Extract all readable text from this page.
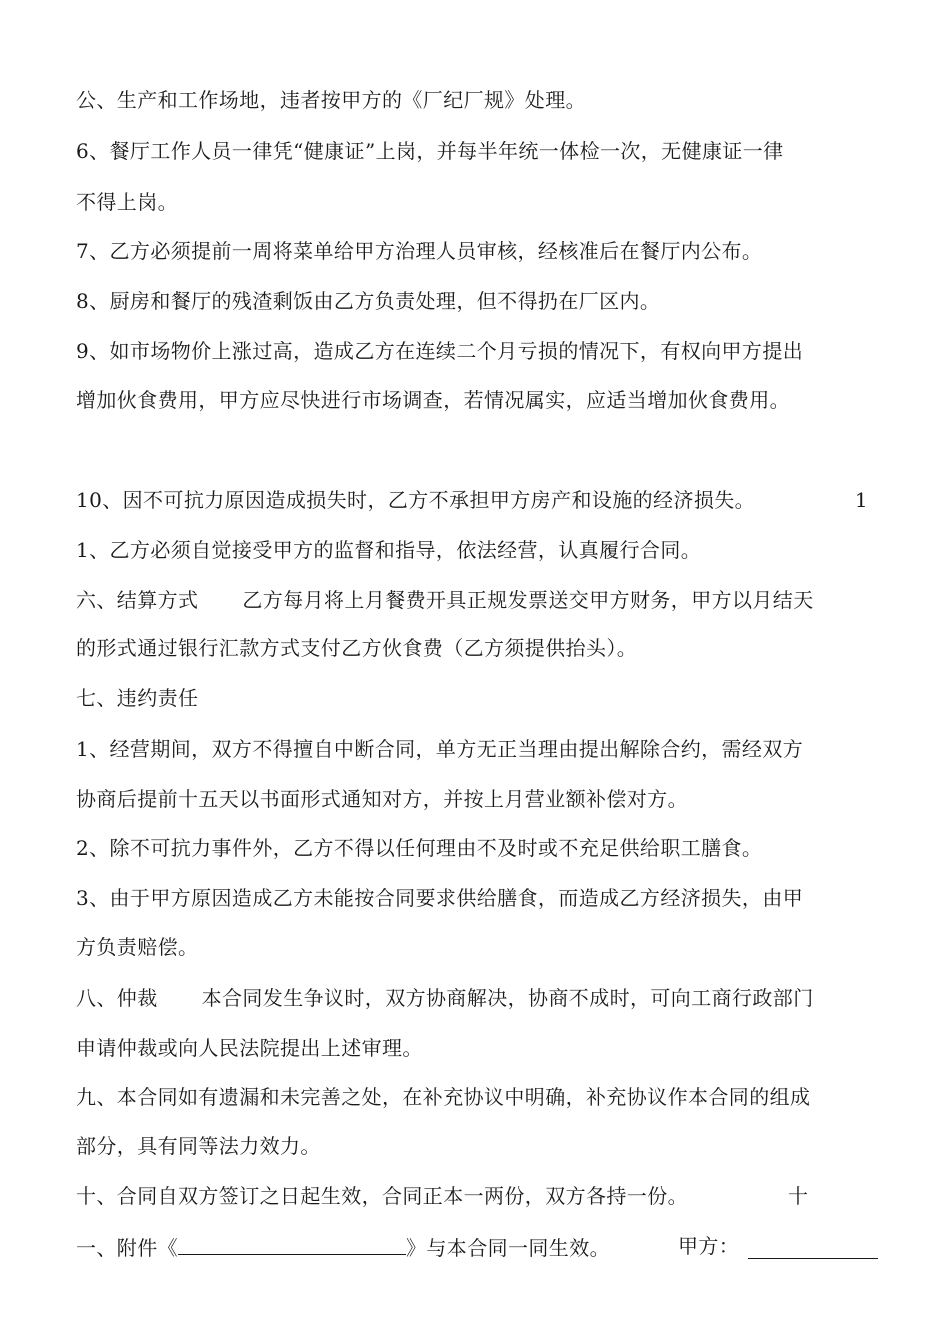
公、生产和工作场地，违者按甲方的《厂纪厂规》处理。
6、餐厅工作人员一律凭“健康证”上岗，并每半年统一体检一次，无健康证一律
不得上岗。
7、乙方必须提前一周将菜单给甲方治理人员审核，经核准后在餐厅内公布。
8、厨房和餐厅的残渣剩饭由乙方负责处理，但不得扔在厂区内。
9、如市场物价上涨过高，造成乙方在连续二个月亏损的情况下，有权向甲方提出
增加伙食费用，甲方应尽快进行市场调查，若情况属实，应适当增加伙食费用。
10、因不可抗力原因造成损失时，乙方不承担甲方房产和设施的经济损失。	1
1、乙方必须自觉接受甲方的监督和指导，依法经营，认真履行合同。
六、结算方式 乙方每月将上月餐费开具正规发票送交甲方财务，甲方以月结天
的形式通过银行汇款方式支付乙方伙食费（乙方须提供抬头）。
七、违约责任
1、经营期间，双方不得擅自中断合同，单方无正当理由提出解除合约，需经双方
协商后提前十五天以书面形式通知对方，并按上月营业额补偿对方。
2、除不可抗力事件外，乙方不得以任何理由不及时或不充足供给职工膳食。
3、由于甲方原因造成乙方未能按合同要求供给膳食，而造成乙方经济损失，由甲
方负责赔偿。
八、仲裁 本合同发生争议时，双方协商解决，协商不成时，可向工商行政部门
申请仲裁或向人民法院提出上述审理。
九、本合同如有遗漏和未完善之处，在补充协议中明确，补充协议作本合同的组成
部分，具有同等法力效力。
十、合同自双方签订之日起生效，合同正本一两份，双方各持一份。	十
一、附件《	》与本合同一同生效。	甲方：
